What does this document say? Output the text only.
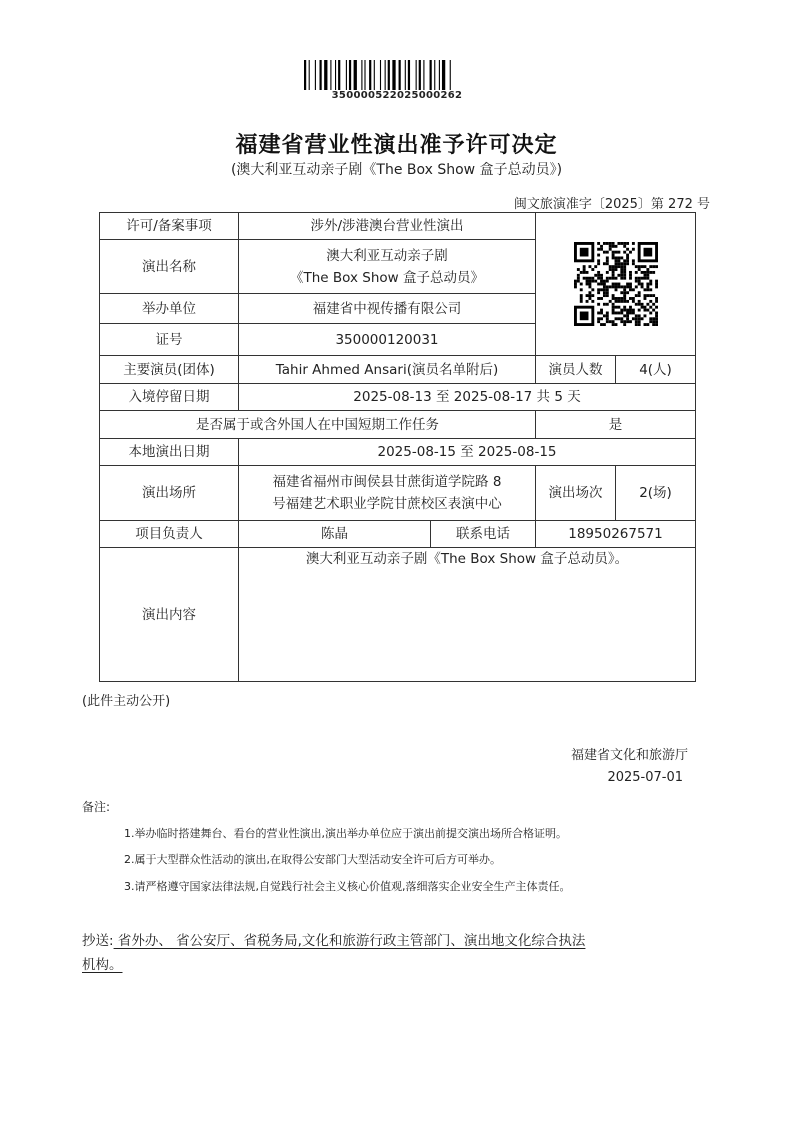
350000522025000262
福建省营业性演出准予许可决定
(澳大利亚互动亲子剧《The Box Show 盒子总动员》)
闽文旅演准字〔2025〕第 272 号
许可/备案事项	涉外/涉港澳台营业性演出	

演出名称	澳大利亚互动亲子剧
《The Box Show 盒子总动员》			

举办单位	福建省中视传播有限公司			
证号	350000120031			
主要演员(团体)	Tahir Ahmed Ansari(演员名单附后)		演员人数	4(人)
入境停留日期	2025-08-13 至 2025-08-17 共 5 天			
是否属于或含外国人在中国短期工作任务			是	
本地演出日期	2025-08-15 至 2025-08-15			
演出场所	福建省福州市闽侯县甘蔗街道学院路 8
号福建艺术职业学院甘蔗校区表演中心		演出场次	2(场)
项目负责人	陈晶	联系电话	18950267571	
演出内容	澳大利亚互动亲子剧《The Box Show 盒子总动员》。			
(此件主动公开)
福建省文化和旅游厅
2025-07-01
备注:
1.举办临时搭建舞台、看台的营业性演出,演出举办单位应于演出前提交演出场所合格证明。
2.属于大型群众性活动的演出,在取得公安部门大型活动安全许可后方可举办。
3.请严格遵守国家法律法规,自觉践行社会主义核心价值观,落细落实企业安全生产主体责任。
抄送: 省外办、 省公安厅、省税务局,文化和旅游行政主管部门、演出地文化综合执法
机构。
